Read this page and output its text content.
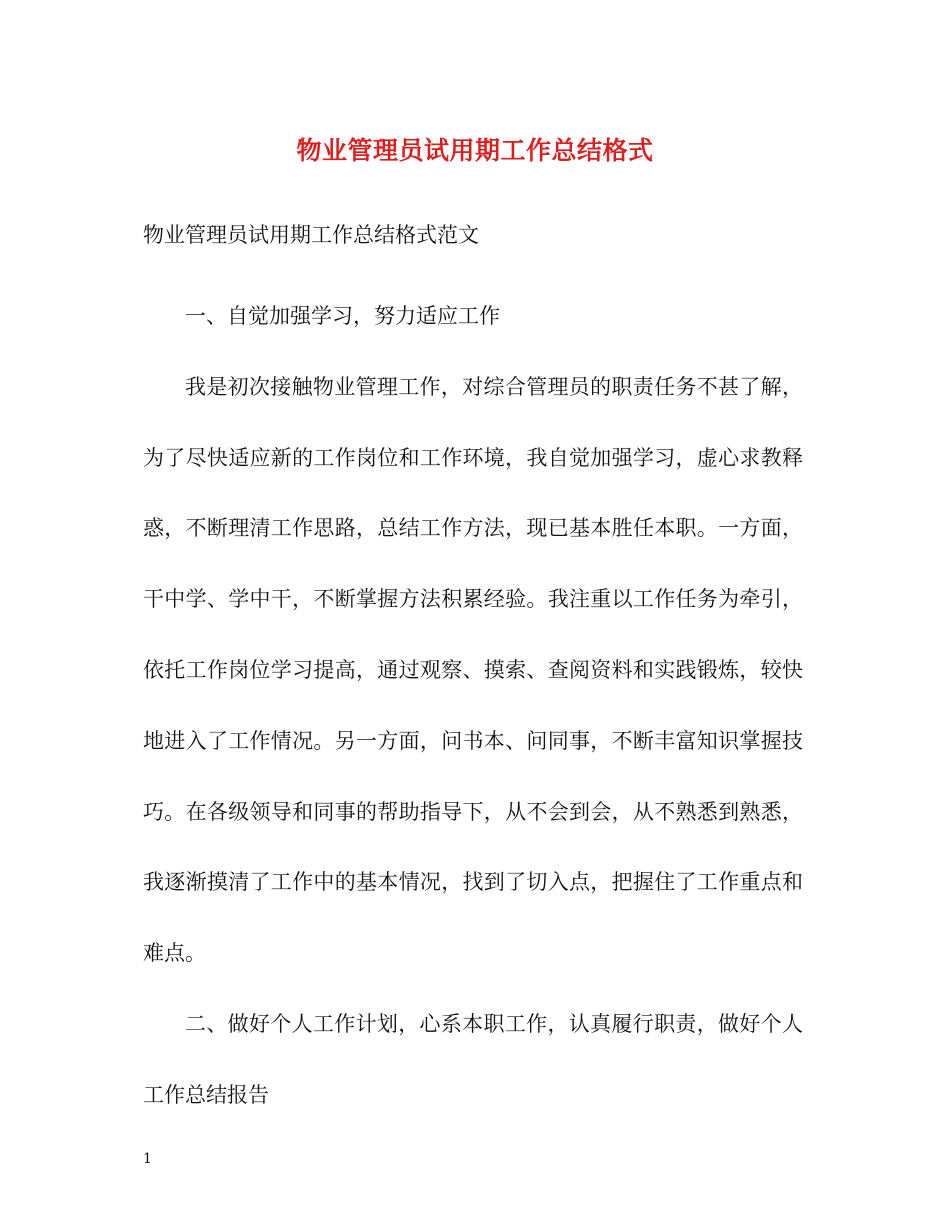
物业管理员试用期工作总结格式
物业管理员试用期工作总结格式范文

一、自觉加强学习，努力适应工作

我是初次接触物业管理工作，对综合管理员的职责任务不甚了解，为了尽快适应新的工作岗位和工作环境，我自觉加强学习，虚心求教释惑，不断理清工作思路，总结工作方法，现已基本胜任本职。一方面，干中学、学中干，不断掌握方法积累经验。我注重以工作任务为牵引，依托工作岗位学习提高，通过观察、摸索、查阅资料和实践锻炼，较快地进入了工作情况。另一方面，问书本、问同事，不断丰富知识掌握技巧。在各级领导和同事的帮助指导下，从不会到会，从不熟悉到熟悉，我逐渐摸清了工作中的基本情况，找到了切入点，把握住了工作重点和难点。

二、做好个人工作计划，心系本职工作，认真履行职责，做好个人工作总结报告

1
